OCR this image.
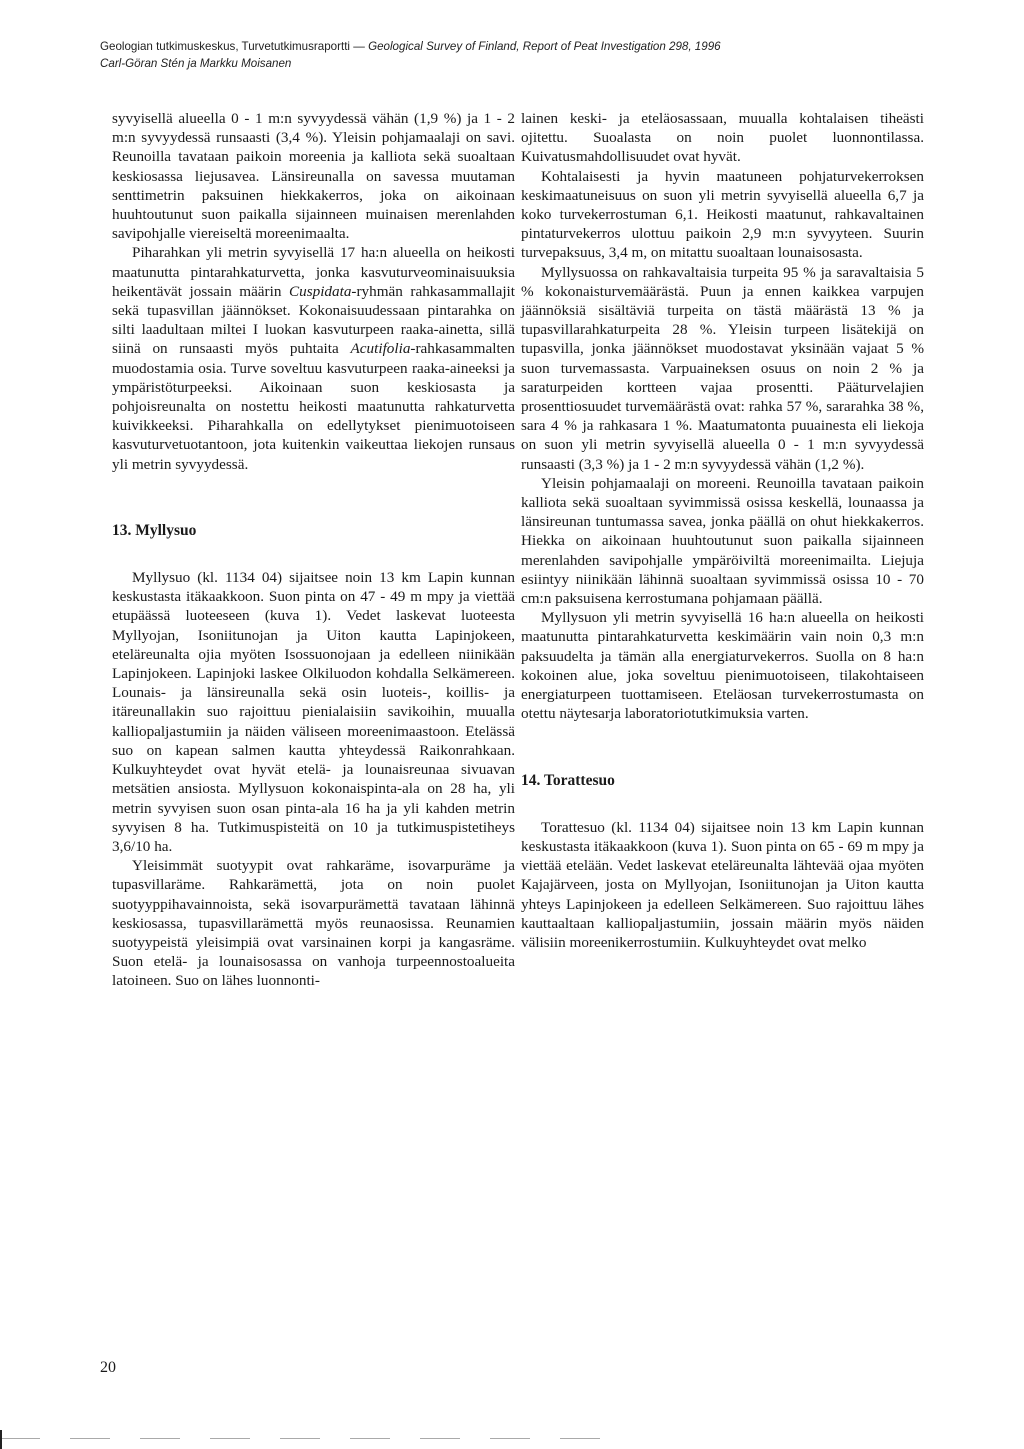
Geologian tutkimuskeskus, Turvetutkimusraportti — Geological Survey of Finland, Report of Peat Investigation 298, 1996
Carl-Göran Stén ja Markku Moisanen

syvyisellä alueella 0 - 1 m:n syvyydessä vähän (1,9 %) ja 1 - 2 m:n syvyydessä runsaasti (3,4 %). Yleisin pohjamaalaji on savi. Reunoilla tavataan paikoin moreenia ja kalliota sekä suoaltaan keskiosassa liejusavea. Länsireunalla on savessa muutaman senttimetrin paksuinen hiekkakerros, joka on aikoinaan huuhtoutunut suon paikalla sijainneen muinaisen merenlahden savipohjalle viereiseltä moreenimaalta.

Piharahkan yli metrin syvyisellä 17 ha:n alueella on heikosti maatunutta pintarahkaturvetta, jonka kasvuturveominaisuuksia heikentävät jossain määrin Cuspidata-ryhmän rahkasammallajit sekä tupasvillan jäännökset. Kokonaisuudessaan pintarahka on silti laadultaan miltei I luokan kasvuturpeen raaka-ainetta, sillä siinä on runsaasti myös puhtaita Acutifolia-rahkasammalten muodostamia osia. Turve soveltuu kasvuturpeen raaka-aineeksi ja ympäristöturpeeksi. Aikoinaan suon keskiosasta ja pohjoisreunalta on nostettu heikosti maatunutta rahkaturvetta kuivikkeeksi. Piharahkalla on edellytykset pienimuotoiseen kasvuturvetuotantoon, jota kuitenkin vaikeuttaa liekojen runsaus yli metrin syvyydessä.

13. Myllysuo

Myllysuo (kl. 1134 04) sijaitsee noin 13 km Lapin kunnan keskustasta itäkaakkoon. Suon pinta on 47 - 49 m mpy ja viettää etupäässä luoteeseen (kuva 1). Vedet laskevat luoteesta Myllyojan, Isoniitunojan ja Uiton kautta Lapinjokeen, eteläreunalta ojia myöten Isossuonojaan ja edelleen niinikään Lapinjokeen. Lapinjoki laskee Olkiluodon kohdalla Selkämereen. Lounais- ja länsireunalla sekä osin luoteis-, koillis- ja itäreunallakin suo rajoittuu pienialaisiin savikoihin, muualla kalliopaljastumiin ja näiden väliseen moreenimaastoon. Etelässä suo on kapean salmen kautta yhteydessä Raikonrahkaan. Kulkuyhteydet ovat hyvät etelä- ja lounaisreunaa sivuavan metsätien ansiosta. Myllysuon kokonaispinta-ala on 28 ha, yli metrin syvyisen suon osan pinta-ala 16 ha ja yli kahden metrin syvyisen 8 ha. Tutkimuspisteitä on 10 ja tutkimuspistetiheys 3,6/10 ha.

Yleisimmät suotyypit ovat rahkaräme, isovarpuräme ja tupasvillaräme. Rahkarämettä, jota on noin puolet suotyyppihavainnoista, sekä isovarpurämettä tavataan lähinnä keskiosassa, tupasvillarämettä myös reunaosissa. Reunamien suotyypeistä yleisimpiä ovat varsinainen korpi ja kangasräme. Suon etelä- ja lounaisosassa on vanhoja turpeennostoalueita latoineen. Suo on lähes luonnonti-

lainen keski- ja eteläosassaan, muualla kohtalaisen tiheästi ojitettu. Suoalasta on noin puolet luonnontilassa. Kuivatusmahdollisuudet ovat hyvät.

Kohtalaisesti ja hyvin maatuneen pohjaturvekerroksen keskimaatuneisuus on suon yli metrin syvyisellä alueella 6,7 ja koko turvekerrostuman 6,1. Heikosti maatunut, rahkavaltainen pintaturvekerros ulottuu paikoin 2,9 m:n syvyyteen. Suurin turvepaksuus, 3,4 m, on mitattu suoaltaan lounaisosasta.

Myllysuossa on rahkavaltaisia turpeita 95 % ja saravaltaisia 5 % kokonaisturvemäärästä. Puun ja ennen kaikkea varpujen jäännöksiä sisältäviä turpeita on tästä määrästä 13 % ja tupasvillarahkaturpeita 28 %. Yleisin turpeen lisätekijä on tupasvilla, jonka jäännökset muodostavat yksinään vajaat 5 % suon turvemassasta. Varpuaineksen osuus on noin 2 % ja saraturpeiden kortteen vajaa prosentti. Pääturvelajien prosenttiosuudet turvemäärästä ovat: rahka 57 %, sararahka 38 %, sara 4 % ja rahkasara 1 %. Maatumatonta puuainesta eli liekoja on suon yli metrin syvyisellä alueella 0 - 1 m:n syvyydessä runsaasti (3,3 %) ja 1 - 2 m:n syvyydessä vähän (1,2 %).

Yleisin pohjamaalaji on moreeni. Reunoilla tavataan paikoin kalliota sekä suoaltaan syvimmissä osissa keskellä, lounaassa ja länsireunan tuntumassa savea, jonka päällä on ohut hiekkakerros. Hiekka on aikoinaan huuhtoutunut suon paikalla sijainneen merenlahden savipohjalle ympäröiviltä moreenimailta. Liejuja esiintyy niinikään lähinnä suoaltaan syvimmissä osissa 10 - 70 cm:n paksuisena kerrostumana pohjamaan päällä.

Myllysuon yli metrin syvyisellä 16 ha:n alueella on heikosti maatunutta pintarahkaturvetta keskimäärin vain noin 0,3 m:n paksuudelta ja tämän alla energiaturvekerros. Suolla on 8 ha:n kokoinen alue, joka soveltuu pienimuotoiseen, tilakohtaiseen energiaturpeen tuottamiseen. Eteläosan turvekerrostumasta on otettu näytesarja laboratoriotutkimuksia varten.

14. Torattesuo

Torattesuo (kl. 1134 04) sijaitsee noin 13 km Lapin kunnan keskustasta itäkaakkoon (kuva 1). Suon pinta on 65 - 69 m mpy ja viettää etelään. Vedet laskevat eteläreunalta lähtevää ojaa myöten Kajajärveen, josta on Myllyojan, Isoniitunojan ja Uiton kautta yhteys Lapinjokeen ja edelleen Selkämereen. Suo rajoittuu lähes kauttaaltaan kalliopaljastumiin, jossain määrin myös näiden välisiin moreenikerrostumiin. Kulkuyhteydet ovat melko

20
